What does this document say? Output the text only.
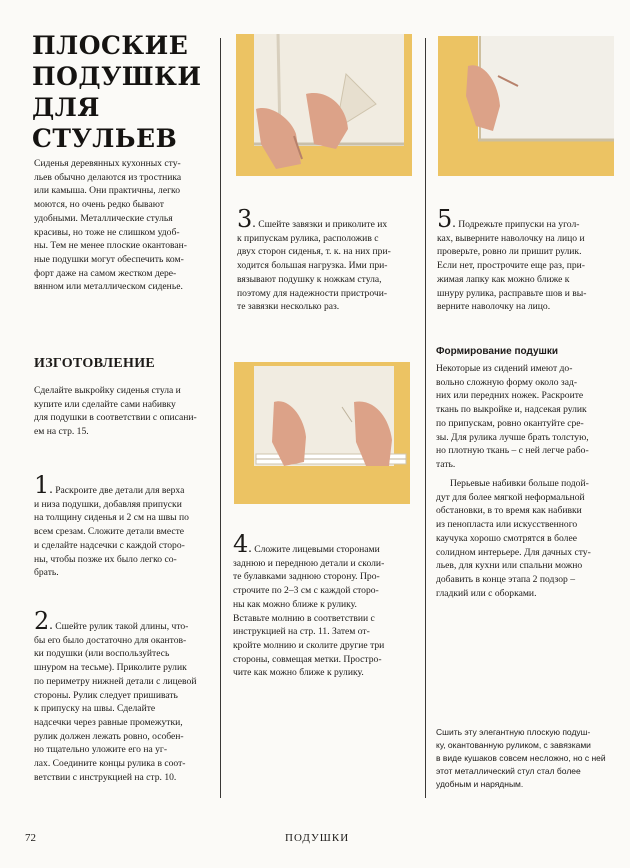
ПЛОСКИЕ
ПОДУШКИ
ДЛЯ СТУЛЬЕВ

Сиденья деревянных кухонных сту-
льев обычно делаются из тростника
или камыша. Они практичны, легко
моются, но очень редко бывают
удобными. Металлические стулья
красивы, но тоже не слишком удоб-
ны. Тем не менее плоские окантован-
ные подушки могут обеспечить ком-
форт даже на самом жестком дере-
вянном или металлическом сиденье.

ИЗГОТОВЛЕНИЕ

Сделайте выкройку сиденья стула и
купите или сделайте сами набивку
для подушки в соответствии с описани-
ем на стр. 15.

1. Раскроите две детали для верха
и низа подушки, добавляя припуски
на толщину сиденья и 2 см на швы по
всем срезам. Сложите детали вместе
и сделайте надсечки с каждой сторо-
ны, чтобы позже их было легко со-
брать.

2. Сшейте рулик такой длины, что-
бы его было достаточно для окантов-
ки подушки (или воспользуйтесь
шнуром на тесьме). Приколите рулик
по периметру нижней детали с лицевой
стороны. Рулик следует пришивать
к припуску на швы. Сделайте
надсечки через равные промежутки,
рулик должен лежать ровно, особен-
но тщательно уложите его на уг-
лах. Соедините концы рулика в соот-
ветствии с инструкцией на стр. 10.

3. Сшейте завязки и приколите их
к припускам рулика, расположив с
двух сторон сиденья, т. к. на них при-
ходится большая нагрузка. Ими при-
вязывают подушку к ножкам стула,
поэтому для надежности пристрочи-
те завязки несколько раз.

4. Сложите лицевыми сторонами
заднюю и переднюю детали и сколи-
те булавками заднюю сторону. Про-
строчите по 2–3 см с каждой сторо-
ны как можно ближе к рулику.
Вставьте молнию в соответствии с
инструкцией на стр. 11. Затем от-
кройте молнию и сколите другие три
стороны, совмещая метки. Простро-
чите как можно ближе к рулику.

5. Подрежьте припуски на угол-
ках, выверните наволочку на лицо и
проверьте, ровно ли пришит рулик.
Если нет, прострочите еще раз, при-
жимая лапку как можно ближе к
шнуру рулика, расправьте шов и вы-
верните наволочку на лицо.

Формирование подушки

Некоторые из сидений имеют до-
вольно сложную форму около зад-
них или передних ножек. Раскроите
ткань по выкройке и, надсекая рулик
по припускам, ровно окантуйте сре-
зы. Для рулика лучше брать толстую,
но плотную ткань – с ней легче рабо-
тать.

Перьевые набивки больше подой-
дут для более мягкой неформальной
обстановки, в то время как набивки
из пенопласта или искусственного
каучука хорошо смотрятся в более
солидном интерьере. Для дачных сту-
льев, для кухни или спальни можно
добавить в конце этапа 2 подзор –
гладкий или с оборками.

Сшить эту элегантную плоскую подуш-
ку, окантованную руликом, с завязками
в виде кушаков совсем несложно, но с ней
этот металлический стул стал более
удобным и нарядным.

72	ПОДУШКИ
